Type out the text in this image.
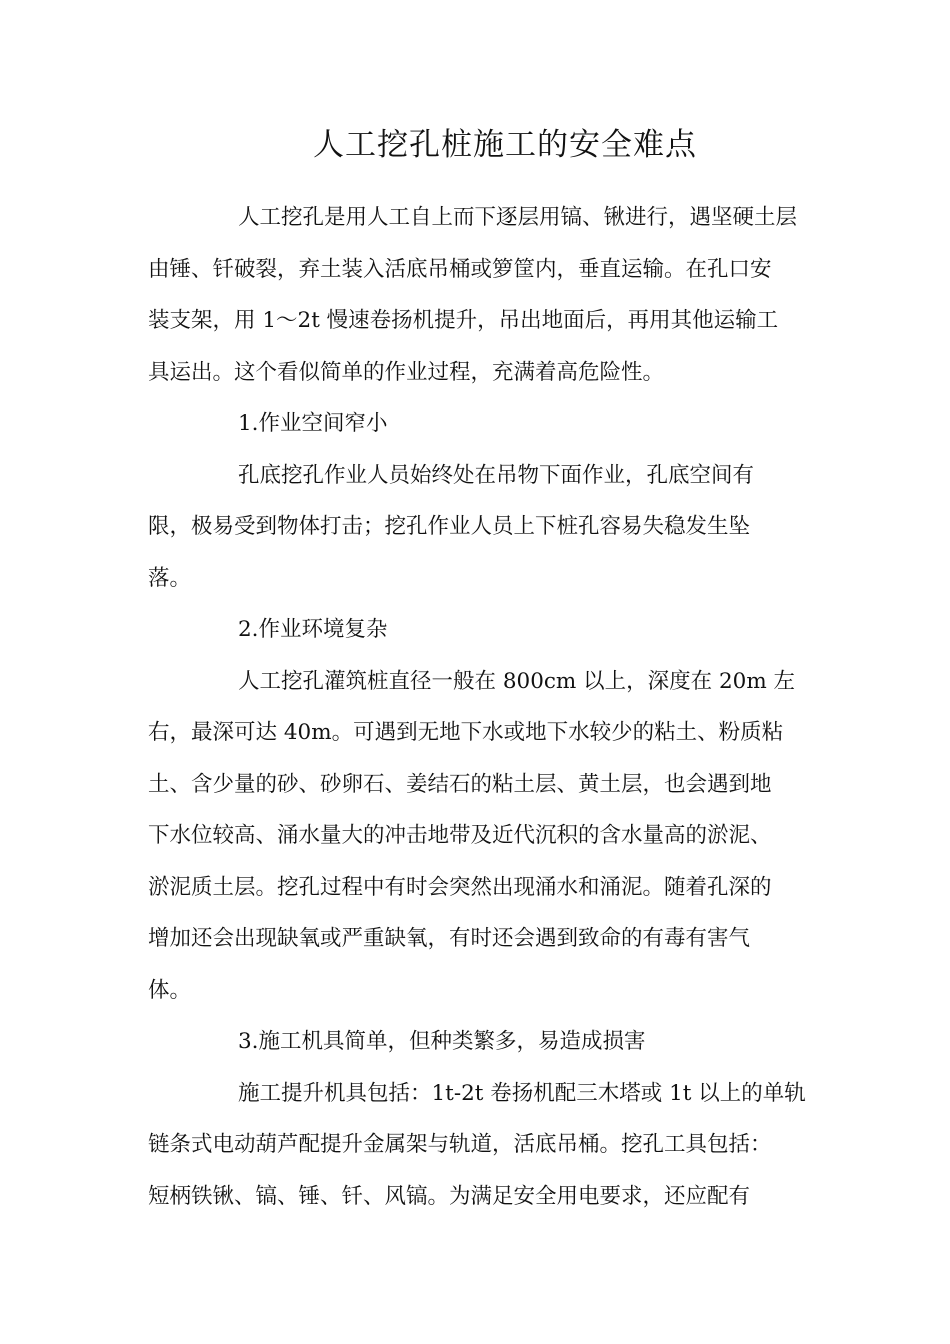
人工挖孔桩施工的安全难点
人工挖孔是用人工自上而下逐层用镐、锹进行，遇坚硬土层
由锤、钎破裂，弃土装入活底吊桶或箩筐内，垂直运输。在孔口安
装支架，用 1～2t 慢速卷扬机提升，吊出地面后，再用其他运输工
具运出。这个看似简单的作业过程，充满着高危险性。
1.作业空间窄小
孔底挖孔作业人员始终处在吊物下面作业，孔底空间有
限，极易受到物体打击；挖孔作业人员上下桩孔容易失稳发生坠
落。
2.作业环境复杂
人工挖孔灌筑桩直径一般在 800cm 以上，深度在 20m 左
右，最深可达 40m。可遇到无地下水或地下水较少的粘土、粉质粘
土、含少量的砂、砂卵石、姜结石的粘土层、黄土层，也会遇到地
下水位较高、涌水量大的冲击地带及近代沉积的含水量高的淤泥、
淤泥质土层。挖孔过程中有时会突然出现涌水和涌泥。随着孔深的
增加还会出现缺氧或严重缺氧，有时还会遇到致命的有毒有害气
体。
3.施工机具简单，但种类繁多，易造成损害
施工提升机具包括：1t-2t 卷扬机配三木塔或 1t 以上的单轨
链条式电动葫芦配提升金属架与轨道，活底吊桶。挖孔工具包括：
短柄铁锹、镐、锤、钎、风镐。为满足安全用电要求，还应配有
